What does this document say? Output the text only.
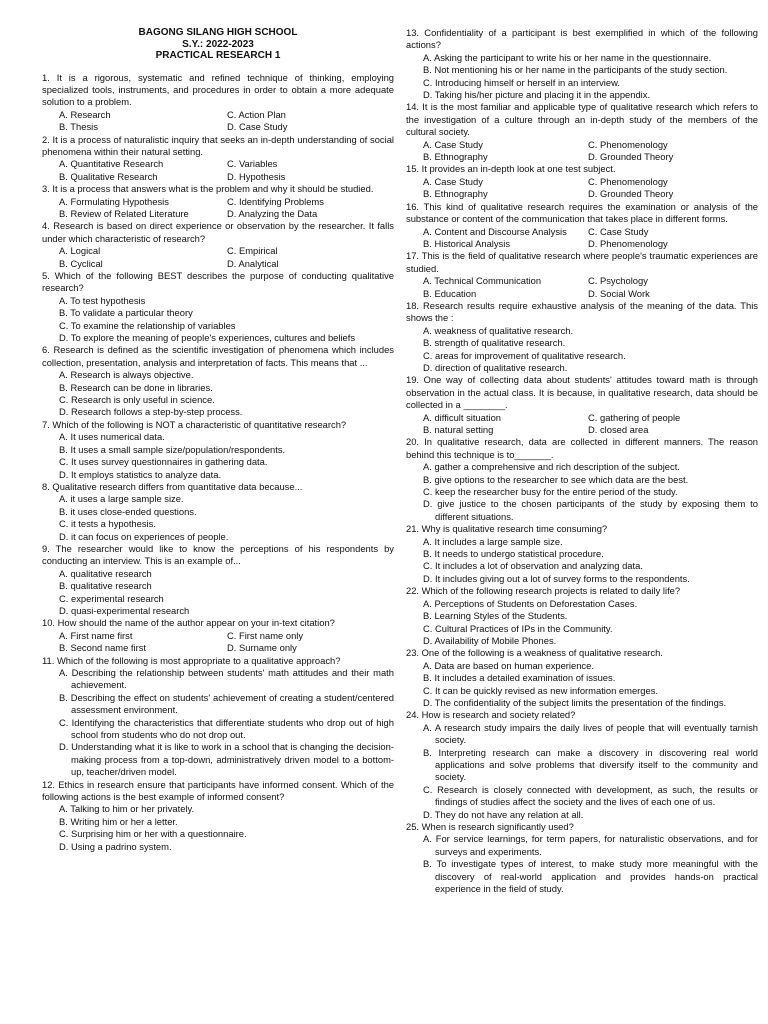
BAGONG SILANG HIGH SCHOOL
S.Y.: 2022-2023
PRACTICAL RESEARCH 1

1. It is a rigorous, systematic and refined technique of thinking, employing specialized tools, instruments, and procedures in order to obtain a more adequate solution to a problem.

A. Research	C. Action Plan
B. Thesis	D. Case Study

2. It is a process of naturalistic inquiry that seeks an in-depth understanding of social phenomena within their natural setting.

A. Quantitative Research	C. Variables
B. Qualitative Research	D. Hypothesis

3. It is a process that answers what is the problem and why it should be studied.

A. Formulating Hypothesis	C. Identifying Problems
B. Review of Related Literature	D. Analyzing the Data

4. Research is based on direct experience or observation by the researcher. It falls under which characteristic of research?

A. Logical	C. Empirical
B. Cyclical	D. Analytical

5. Which of the following BEST describes the purpose of conducting qualitative research?

A. To test hypothesis

B. To validate a particular theory

C. To examine the relationship of variables

D. To explore the meaning of people's experiences, cultures and beliefs

6. Research is defined as the scientific investigation of phenomena which includes collection, presentation, analysis and interpretation of facts. This means that ...

A. Research is always objective.

B. Research can be done in libraries.

C. Research is only useful in science.

D. Research follows a step-by-step process.

7. Which of the following is NOT a characteristic of quantitative research?

A. It uses numerical data.

B. It uses a small sample size/population/respondents.

C. It uses survey questionnaires in gathering data.

D. It employs statistics to analyze data.

8. Qualitative research differs from quantitative data because...

A. it uses a large sample size.

B. it uses close-ended questions.

C. it tests a hypothesis.

D. it can focus on experiences of people.

9. The researcher would like to know the perceptions of his respondents by conducting an interview. This is an example of...

A. qualitative research

B. qualitative research

C. experimental research

D. quasi-experimental research

10. How should the name of the author appear on your in-text citation?

A. First name first	C. First name only
B. Second name first	D. Surname only

11. Which of the following is most appropriate to a qualitative approach?

A. Describing the relationship between students' math attitudes and their math achievement.

B. Describing the effect on students' achievement of creating a student/centered assessment environment.

C. Identifying the characteristics that differentiate students who drop out of high school from students who do not drop out.

D. Understanding what it is like to work in a school that is changing the decision-making process from a top-down, administratively driven model to a bottom-up, teacher/driven model.

12. Ethics in research ensure that participants have informed consent. Which of the following actions is the best example of informed consent?

A. Talking to him or her privately.

B. Writing him or her a letter.

C. Surprising him or her with a questionnaire.

D. Using a padrino system.

13. Confidentiality of a participant is best exemplified in which of the following actions?

A. Asking the participant to write his or her name in the questionnaire.

B. Not mentioning his or her name in the participants of the study section.

C. Introducing himself or herself in an interview.

D. Taking his/her picture and placing it in the appendix.

14. It is the most familiar and applicable type of qualitative research which refers to the investigation of a culture through an in-depth study of the members of the cultural society.

A. Case Study	C. Phenomenology
B. Ethnography	D. Grounded Theory

15. It provides an in-depth look at one test subject.

A. Case Study	C. Phenomenology
B. Ethnography	D. Grounded Theory

16. This kind of qualitative research requires the examination or analysis of the substance or content of the communication that takes place in different forms.

A. Content and Discourse Analysis	C. Case Study
B. Historical Analysis	D. Phenomenology

17. This is the field of qualitative research where people's traumatic experiences are studied.

A. Technical Communication	C. Psychology
B. Education	D. Social Work

18. Research results require exhaustive analysis of the meaning of the data. This shows the :

A. weakness of qualitative research.

B. strength of qualitative research.

C. areas for improvement of qualitative research.

D. direction of qualitative research.

19. One way of collecting data about students' attitudes toward math is through observation in the actual class. It is because, in qualitative research, data should be collected in a ________.

A. difficult situation	C. gathering of people
B. natural setting	D. closed area

20. In qualitative research, data are collected in different manners. The reason behind this technique is to_______.

A. gather a comprehensive and rich description of the subject.

B. give options to the researcher to see which data are the best.

C. keep the researcher busy for the entire period of the study.

D. give justice to the chosen participants of the study by exposing them to different situations.

21. Why is qualitative research time consuming?

A. It includes a large sample size.

B. It needs to undergo statistical procedure.

C. It includes a lot of observation and analyzing data.

D. It includes giving out a lot of survey forms to the respondents.

22. Which of the following research projects is related to daily life?

A. Perceptions of Students on Deforestation Cases.

B. Learning Styles of the Students.

C. Cultural Practices of IPs in the Community.

D. Availability of Mobile Phones.

23. One of the following is a weakness of qualitative research.

A. Data are based on human experience.

B. It includes a detailed examination of issues.

C. It can be quickly revised as new information emerges.

D. The confidentiality of the subject limits the presentation of the findings.

24. How is research and society related?

A. A research study impairs the daily lives of people that will eventually tarnish society.

B. Interpreting research can make a discovery in discovering real world applications and solve problems that diversify itself to the community and society.

C. Research is closely connected with development, as such, the results or findings of studies affect the society and the lives of each one of us.

D. They do not have any relation at all.

25. When is research significantly used?

A. For service learnings, for term papers, for naturalistic observations, and for surveys and experiments.

B. To investigate types of interest, to make study more meaningful with the discovery of real-world application and provides hands-on practical experience in the field of study.
